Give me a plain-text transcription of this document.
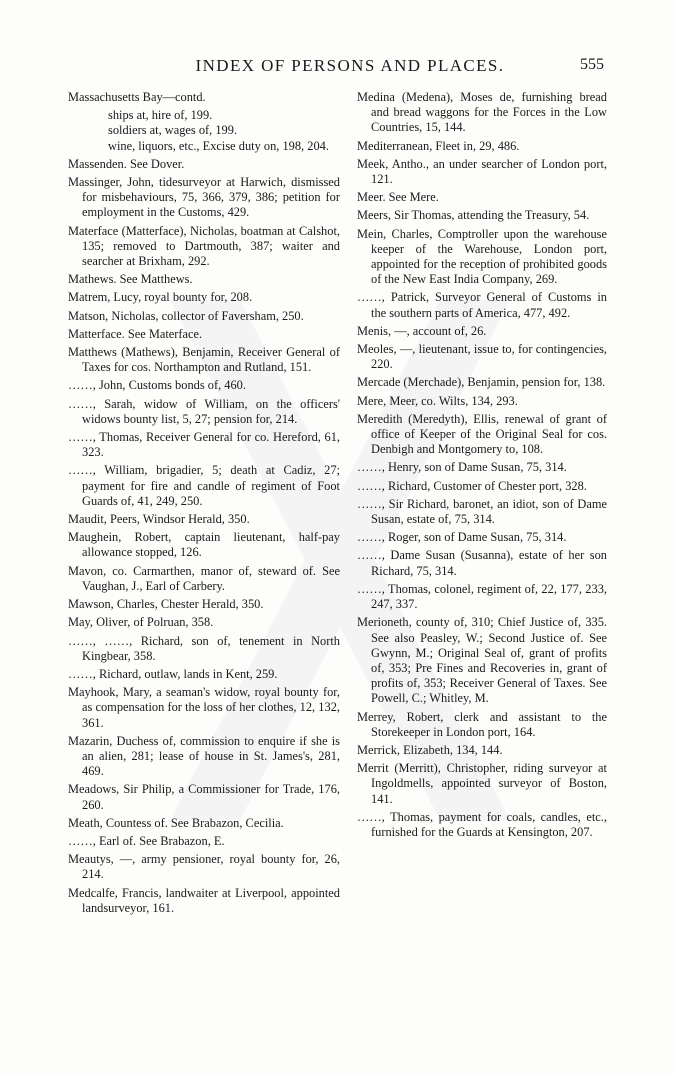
INDEX OF PERSONS AND PLACES.	555
Massachusetts Bay—contd.
ships at, hire of, 199.
soldiers at, wages of, 199.
wine, liquors, etc., Excise duty on, 198, 204.
Massenden. See Dover.
Massinger, John, tidesurveyor at Harwich, dismissed for misbehaviours, 75, 366, 379, 386; petition for employment in the Customs, 429.
Materface (Matterface), Nicholas, boatman at Calshot, 135; removed to Dartmouth, 387; waiter and searcher at Brixham, 292.
Mathews. See Matthews.
Matrem, Lucy, royal bounty for, 208.
Matson, Nicholas, collector of Faversham, 250.
Matterface. See Materface.
Matthews (Mathews), Benjamin, Receiver General of Taxes for cos. Northampton and Rutland, 151.
……, John, Customs bonds of, 460.
……, Sarah, widow of William, on the officers' widows bounty list, 5, 27; pension for, 214.
……, Thomas, Receiver General for co. Hereford, 61, 323.
……, William, brigadier, 5; death at Cadiz, 27; payment for fire and candle of regiment of Foot Guards of, 41, 249, 250.
Maudit, Peers, Windsor Herald, 350.
Maughein, Robert, captain lieutenant, half-pay allowance stopped, 126.
Mavon, co. Carmarthen, manor of, steward of. See Vaughan, J., Earl of Carbery.
Mawson, Charles, Chester Herald, 350.
May, Oliver, of Polruan, 358.
……, ……, Richard, son of, tenement in North Kingbear, 358.
……, Richard, outlaw, lands in Kent, 259.
Mayhook, Mary, a seaman's widow, royal bounty for, as compensation for the loss of her clothes, 12, 132, 361.
Mazarin, Duchess of, commission to enquire if she is an alien, 281; lease of house in St. James's, 281, 469.
Meadows, Sir Philip, a Commissioner for Trade, 176, 260.
Meath, Countess of. See Brabazon, Cecilia.
……, Earl of. See Brabazon, E.
Meautys, —, army pensioner, royal bounty for, 26, 214.
Medcalfe, Francis, landwaiter at Liverpool, appointed landsurveyor, 161.
Medina (Medena), Moses de, furnishing bread and bread waggons for the Forces in the Low Countries, 15, 144.
Mediterranean, Fleet in, 29, 486.
Meek, Antho., an under searcher of London port, 121.
Meer. See Mere.
Meers, Sir Thomas, attending the Treasury, 54.
Mein, Charles, Comptroller upon the warehouse keeper of the Warehouse, London port, appointed for the reception of prohibited goods of the New East India Company, 269.
……, Patrick, Surveyor General of Customs in the southern parts of America, 477, 492.
Menis, —, account of, 26.
Meoles, —, lieutenant, issue to, for contingencies, 220.
Mercade (Merchade), Benjamin, pension for, 138.
Mere, Meer, co. Wilts, 134, 293.
Meredith (Meredyth), Ellis, renewal of grant of office of Keeper of the Original Seal for cos. Denbigh and Montgomery to, 108.
……, Henry, son of Dame Susan, 75, 314.
……, Richard, Customer of Chester port, 328.
……, Sir Richard, baronet, an idiot, son of Dame Susan, estate of, 75, 314.
……, Roger, son of Dame Susan, 75, 314.
……, Dame Susan (Susanna), estate of her son Richard, 75, 314.
……, Thomas, colonel, regiment of, 22, 177, 233, 247, 337.
Merioneth, county of, 310; Chief Justice of, 335. See also Peasley, W.; Second Justice of. See Gwynn, M.; Original Seal of, grant of profits of, 353; Pre Fines and Recoveries in, grant of profits of, 353; Receiver General of Taxes. See Powell, C.; Whitley, M.
Merrey, Robert, clerk and assistant to the Storekeeper in London port, 164.
Merrick, Elizabeth, 134, 144.
Merrit (Merritt), Christopher, riding surveyor at Ingoldmells, appointed surveyor of Boston, 141.
……, Thomas, payment for coals, candles, etc., furnished for the Guards at Kensington, 207.
